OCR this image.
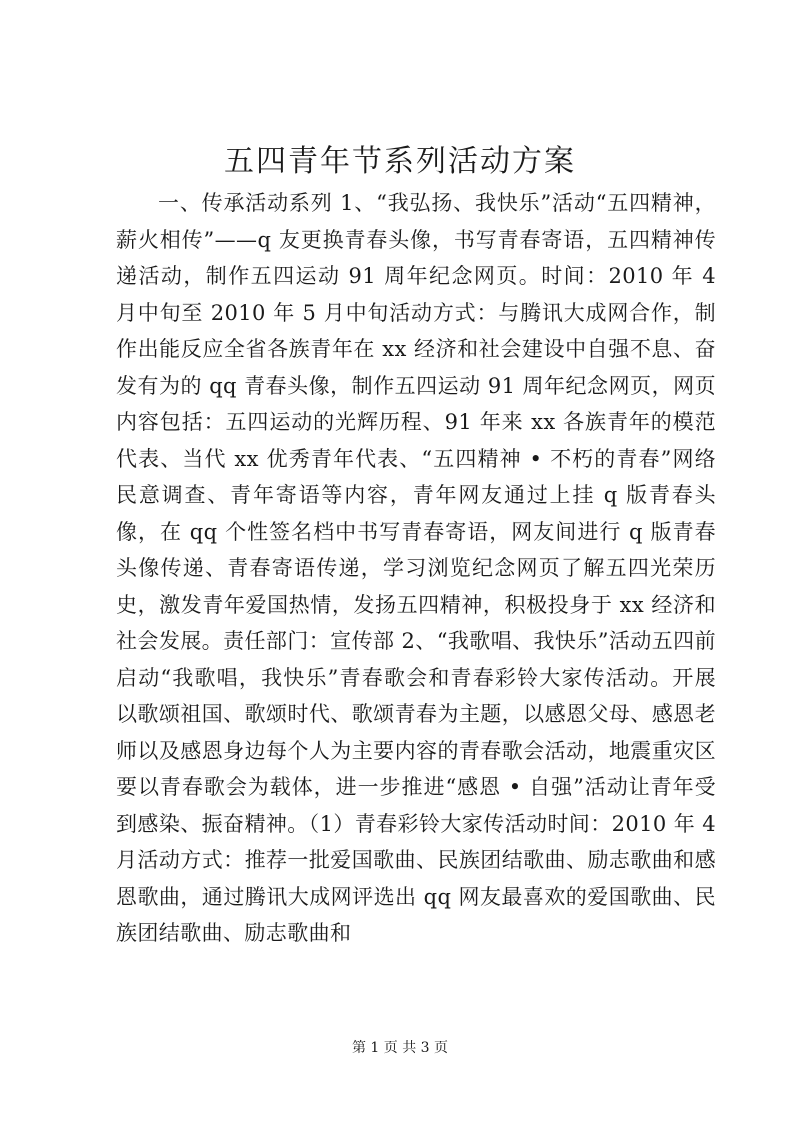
五四青年节系列活动方案

一、传承活动系列 1、“我弘扬、我快乐”活动“五四精神，薪火相传”——q 友更换青春头像，书写青春寄语，五四精神传递活动，制作五四运动 91 周年纪念网页。时间：2010 年 4 月中旬至 2010 年 5 月中旬活动方式：与腾讯大成网合作，制作出能反应全省各族青年在 xx 经济和社会建设中自强不息、奋发有为的 qq 青春头像，制作五四运动 91 周年纪念网页，网页内容包括：五四运动的光辉历程、91 年来 xx 各族青年的模范代表、当代 xx 优秀青年代表、“五四精神 • 不朽的青春”网络民意调查、青年寄语等内容，青年网友通过上挂 q 版青春头像，在 qq 个性签名档中书写青春寄语，网友间进行 q 版青春头像传递、青春寄语传递，学习浏览纪念网页了解五四光荣历史，激发青年爱国热情，发扬五四精神，积极投身于 xx 经济和社会发展。责任部门：宣传部 2、“我歌唱、我快乐”活动五四前启动“我歌唱，我快乐”青春歌会和青春彩铃大家传活动。开展以歌颂祖国、歌颂时代、歌颂青春为主题，以感恩父母、感恩老师以及感恩身边每个人为主要内容的青春歌会活动，地震重灾区要以青春歌会为载体，进一步推进“感恩 • 自强”活动让青年受到感染、振奋精神。（1）青春彩铃大家传活动时间：2010 年 4 月活动方式：推荐一批爱国歌曲、民族团结歌曲、励志歌曲和感恩歌曲，通过腾讯大成网评选出 qq 网友最喜欢的爱国歌曲、民族团结歌曲、励志歌曲和

第 1 页 共 3 页
